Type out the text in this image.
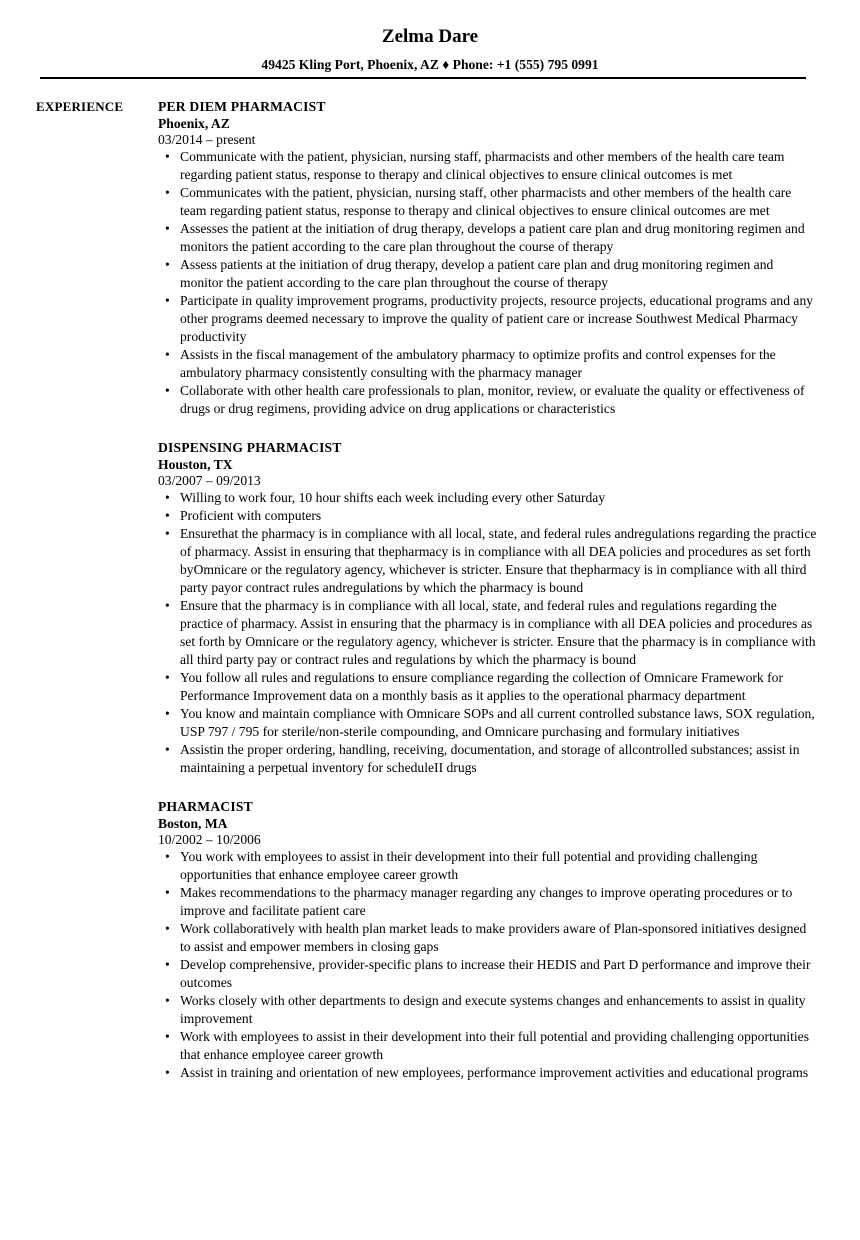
Zelma Dare
49425 Kling Port, Phoenix, AZ ♦ Phone: +1 (555) 795 0991
EXPERIENCE	PER DIEM PHARMACIST
Phoenix, AZ
03/2014 – present
• Communicate with the patient, physician, nursing staff, pharmacists and other members of the health care team regarding patient status, response to therapy and clinical objectives to ensure clinical outcomes is met
• Communicates with the patient, physician, nursing staff, other pharmacists and other members of the health care team regarding patient status, response to therapy and clinical objectives to ensure clinical outcomes are met
• Assesses the patient at the initiation of drug therapy, develops a patient care plan and drug monitoring regimen and monitors the patient according to the care plan throughout the course of therapy
• Assess patients at the initiation of drug therapy, develop a patient care plan and drug monitoring regimen and monitor the patient according to the care plan throughout the course of therapy
• Participate in quality improvement programs, productivity projects, resource projects, educational programs and any other programs deemed necessary to improve the quality of patient care or increase Southwest Medical Pharmacy productivity
• Assists in the fiscal management of the ambulatory pharmacy to optimize profits and control expenses for the ambulatory pharmacy consistently consulting with the pharmacy manager
• Collaborate with other health care professionals to plan, monitor, review, or evaluate the quality or effectiveness of drugs or drug regimens, providing advice on drug applications or characteristics
DISPENSING PHARMACIST
Houston, TX
03/2007 – 09/2013
• Willing to work four, 10 hour shifts each week including every other Saturday
• Proficient with computers
• Ensurethat the pharmacy is in compliance with all local, state, and federal rules andregulations regarding the practice of pharmacy. Assist in ensuring that thepharmacy is in compliance with all DEA policies and procedures as set forth byOmnicare or the regulatory agency, whichever is stricter. Ensure that thepharmacy is in compliance with all third party payor contract rules andregulations by which the pharmacy is bound
• Ensure that the pharmacy is in compliance with all local, state, and federal rules and regulations regarding the practice of pharmacy. Assist in ensuring that the pharmacy is in compliance with all DEA policies and procedures as set forth by Omnicare or the regulatory agency, whichever is stricter. Ensure that the pharmacy is in compliance with all third party pay or contract rules and regulations by which the pharmacy is bound
• You follow all rules and regulations to ensure compliance regarding the collection of Omnicare Framework for Performance Improvement data on a monthly basis as it applies to the operational pharmacy department
• You know and maintain compliance with Omnicare SOPs and all current controlled substance laws, SOX regulation, USP 797 / 795 for sterile/non-sterile compounding, and Omnicare purchasing and formulary initiatives
• Assistin the proper ordering, handling, receiving, documentation, and storage of allcontrolled substances; assist in maintaining a perpetual inventory for scheduleII drugs
PHARMACIST
Boston, MA
10/2002 – 10/2006
• You work with employees to assist in their development into their full potential and providing challenging opportunities that enhance employee career growth
• Makes recommendations to the pharmacy manager regarding any changes to improve operating procedures or to improve and facilitate patient care
• Work collaboratively with health plan market leads to make providers aware of Plan-sponsored initiatives designed to assist and empower members in closing gaps
• Develop comprehensive, provider-specific plans to increase their HEDIS and Part D performance and improve their outcomes
• Works closely with other departments to design and execute systems changes and enhancements to assist in quality improvement
• Work with employees to assist in their development into their full potential and providing challenging opportunities that enhance employee career growth
• Assist in training and orientation of new employees, performance improvement activities and educational programs
